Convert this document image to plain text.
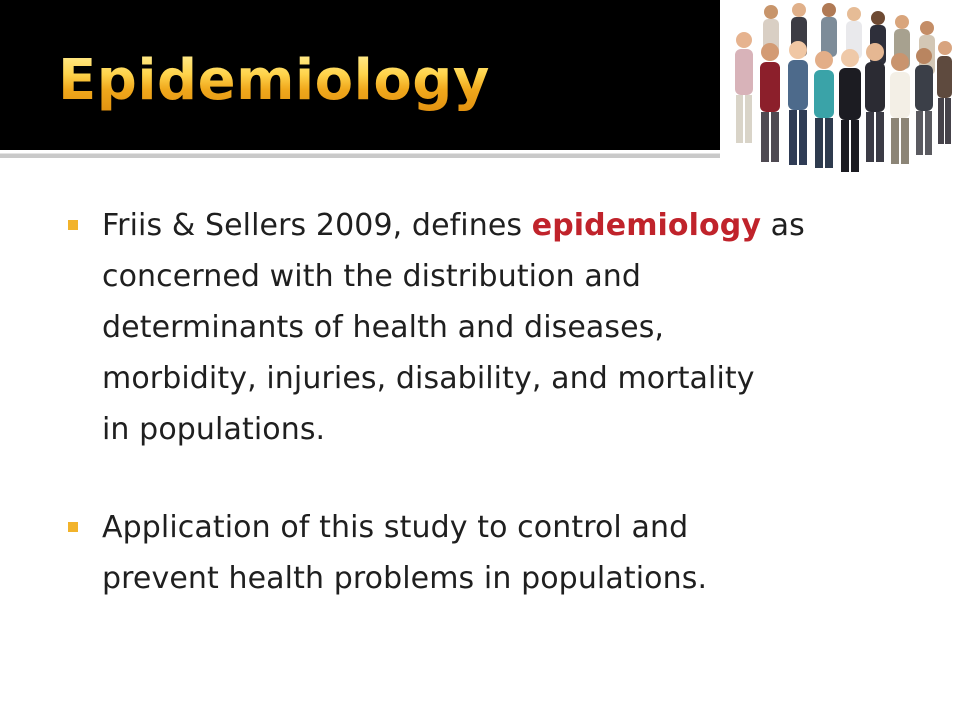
Epidemiology
Friis & Sellers 2009, defines epidemiology as
concerned with the distribution and
determinants of health and diseases,
morbidity, injuries, disability, and mortality
in populations.
Application of this study to control and
prevent health problems in populations.
